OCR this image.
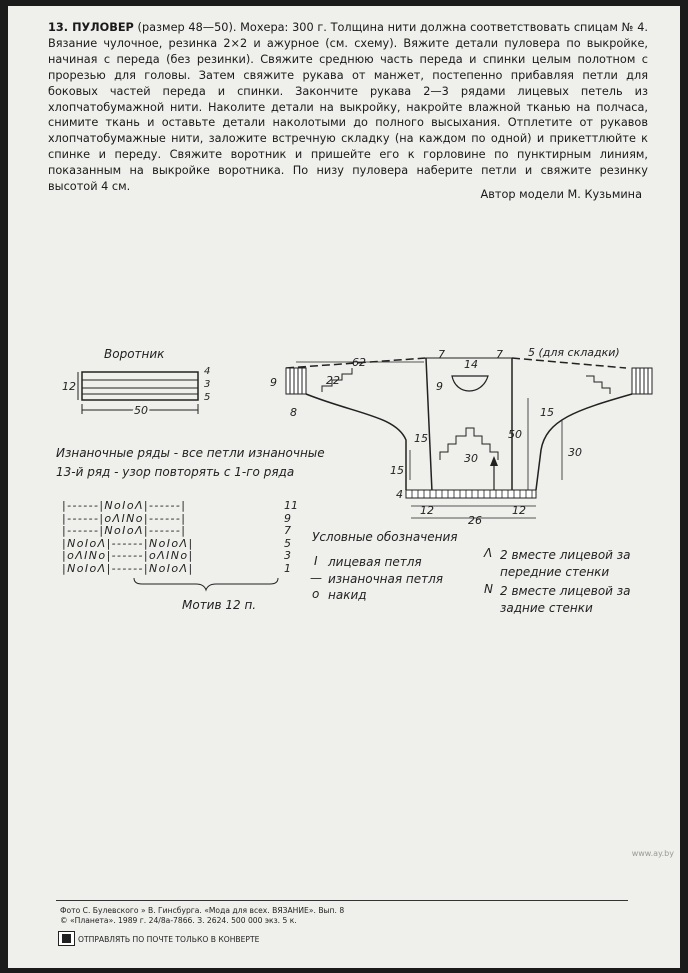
13. ПУЛОВЕР (размер 48—50). Мохера: 300 г. Толщина нити должна соответствовать спицам № 4. Вязание чулочное, резинка 2×2 и ажурное (см. схему). Вяжите детали пуловера по выкройке, начиная с переда (без резинки). Свяжите среднюю часть переда и спинки целым полотном с прорезью для головы. Затем свяжите рукава от манжет, постепенно прибавляя петли для боковых частей переда и спинки. Закончите рукава 2—3 рядами лицевых петель из хлопчатобумажной нити. Наколите детали на выкройку, накройте влажной тканью на полчаса, снимите ткань и оставьте детали наколотыми до полного высыхания. Отплетите от рукавов хлопчатобумажные нити, заложите встречную складку (на каждом по одной) и прикеттлюйте к спинке и переду. Свяжите воротник и пришейте его к горловине по пунктирным линиям, показанным на выкройке воротника. По низу пуловера наберите петли и свяжите резинку высотой 4 см.
Автор модели М. Кузьмина
Воротник
12
4
3
5
50
62
7
14
7 5 (для складки)
9	22	9
8
15
15
30
50
15
30
4
12	12
26
Изнаночные ряды - все петли изнаночные
13-й ряд - узор повторять с 1-го ряда
|------|ΝοΙοΛ|------|	11
|------|οΛΙΝο|------|	9
|------|ΝοΙοΛ|------|	7
|ΝοΙοΛ|------|ΝοΙοΛ|	5
|οΛΙΝο|------|οΛΙΝο|	3
|ΝοΙοΛ|------|ΝοΙοΛ|	1
Мотив 12 п.
Условные обозначения
I лицевая петля
— изнаночная петля
o накид
Λ 2 вместе лицевой за передние стенки
Ν 2 вместе лицевой за задние стенки
www.ay.by
Фото С. Булевского » В. Гинсбурга. «Мода для всех. ВЯЗАНИЕ». Вып. 8
© «Планета». 1989 г. 24/8а-7866. З. 2624. 500 000 экз. 5 к.
ОТПРАВЛЯТЬ ПО ПОЧТЕ ТОЛЬКО В КОНВЕРТЕ
